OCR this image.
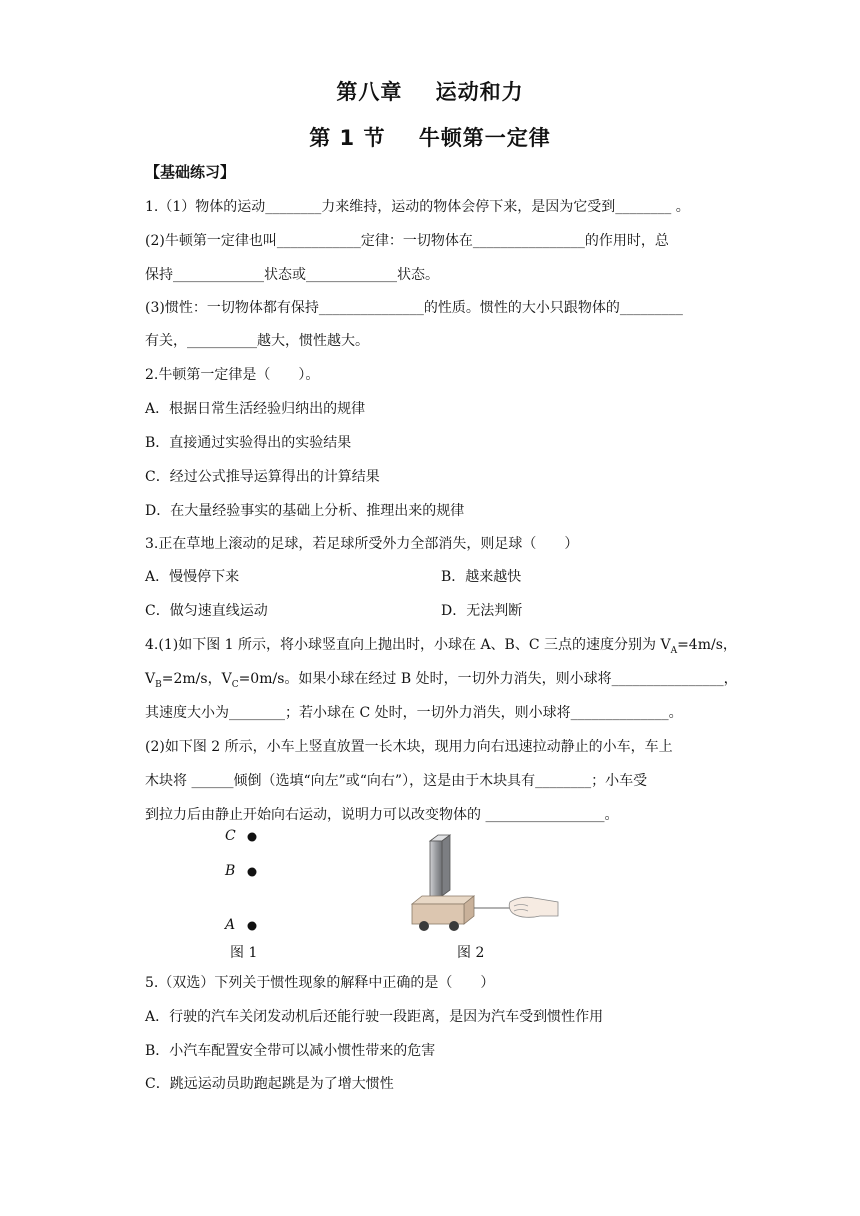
第八章    运动和力
第 1 节    牛顿第一定律
【基础练习】
1.（1）物体的运动________力来维持，运动的物体会停下来，是因为它受到________ 。
(2)牛顿第一定律也叫____________定律：一切物体在________________的作用时，总
保持_____________状态或_____________状态。
(3)惯性：一切物体都有保持_______________的性质。惯性的大小只跟物体的_________
有关，__________越大，惯性越大。
2.牛顿第一定律是（　　）。
A．根据日常生活经验归纳出的规律
B．直接通过实验得出的实验结果
C．经过公式推导运算得出的计算结果
D．在大量经验事实的基础上分析、推理出来的规律
3.正在草地上滚动的足球，若足球所受外力全部消失，则足球（　　）
A．慢慢停下来	B．越来越快
C．做匀速直线运动	D．无法判断
4.(1)如下图 1 所示，将小球竖直向上抛出时，小球在 A、B、C 三点的速度分别为 $V_A=4m/s$，
$V_B=2m/s$，$V_C=0m/s$。如果小球在经过 B 处时，一切外力消失，则小球将________________，
其速度大小为________；若小球在 C 处时，一切外力消失，则小球将______________。
(2)如下图 2 所示，小车上竖直放置一长木块，现用力向右迅速拉动静止的小车，车上
木块将 ______倾倒（选填“向左”或“向右”），这是由于木块具有________；小车受
到拉力后由静止开始向右运动，说明力可以改变物体的 _________________。
C
B
A
图 1	图 2
5.（双选）下列关于惯性现象的解释中正确的是（　　）
A．行驶的汽车关闭发动机后还能行驶一段距离，是因为汽车受到惯性作用
B．小汽车配置安全带可以减小惯性带来的危害
C．跳远运动员助跑起跳是为了增大惯性
